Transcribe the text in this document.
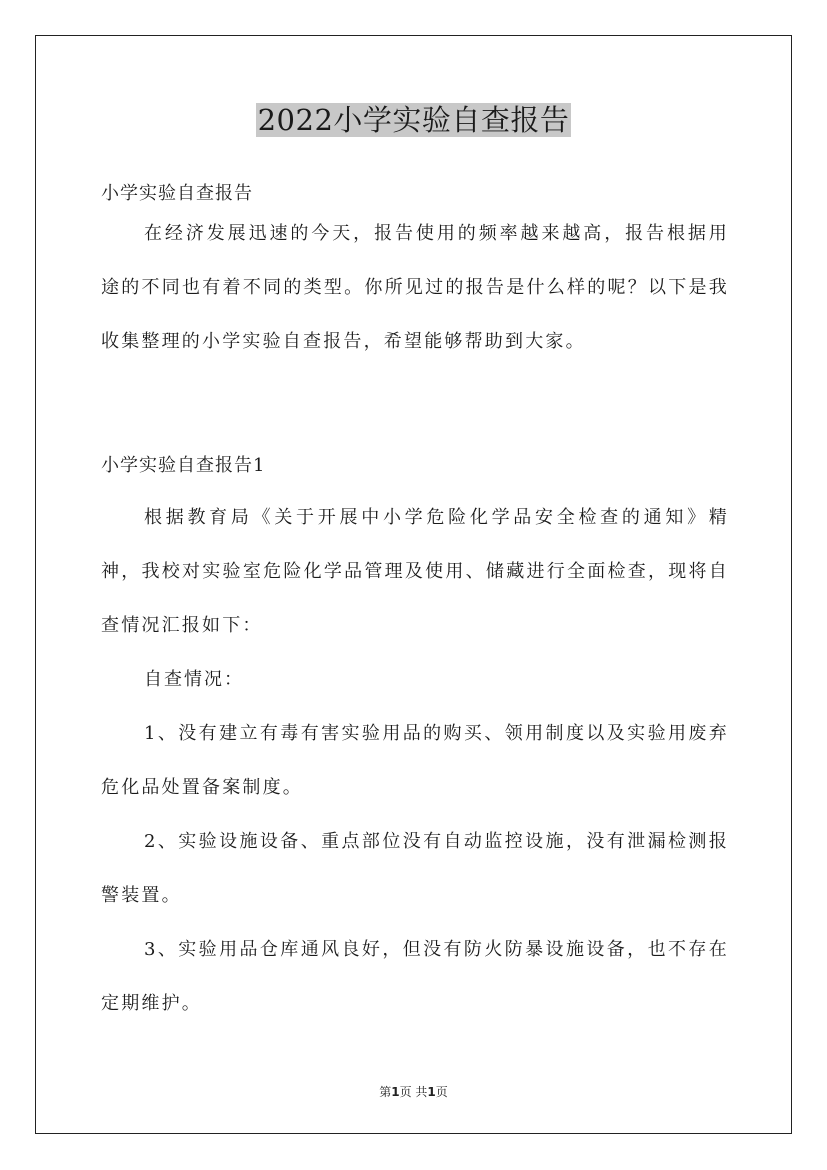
2022小学实验自查报告
小学实验自查报告

在经济发展迅速的今天，报告使用的频率越来越高，报告根据用途的不同也有着不同的类型。你所见过的报告是什么样的呢？以下是我收集整理的小学实验自查报告，希望能够帮助到大家。

小学实验自查报告1

根据教育局《关于开展中小学危险化学品安全检查的通知》精神，我校对实验室危险化学品管理及使用、储藏进行全面检查，现将自查情况汇报如下：

自查情况：

1、没有建立有毒有害实验用品的购买、领用制度以及实验用废弃危化品处置备案制度。

2、实验设施设备、重点部位没有自动监控设施，没有泄漏检测报警装置。

3、实验用品仓库通风良好，但没有防火防暴设施设备，也不存在定期维护。

第1页 共1页
